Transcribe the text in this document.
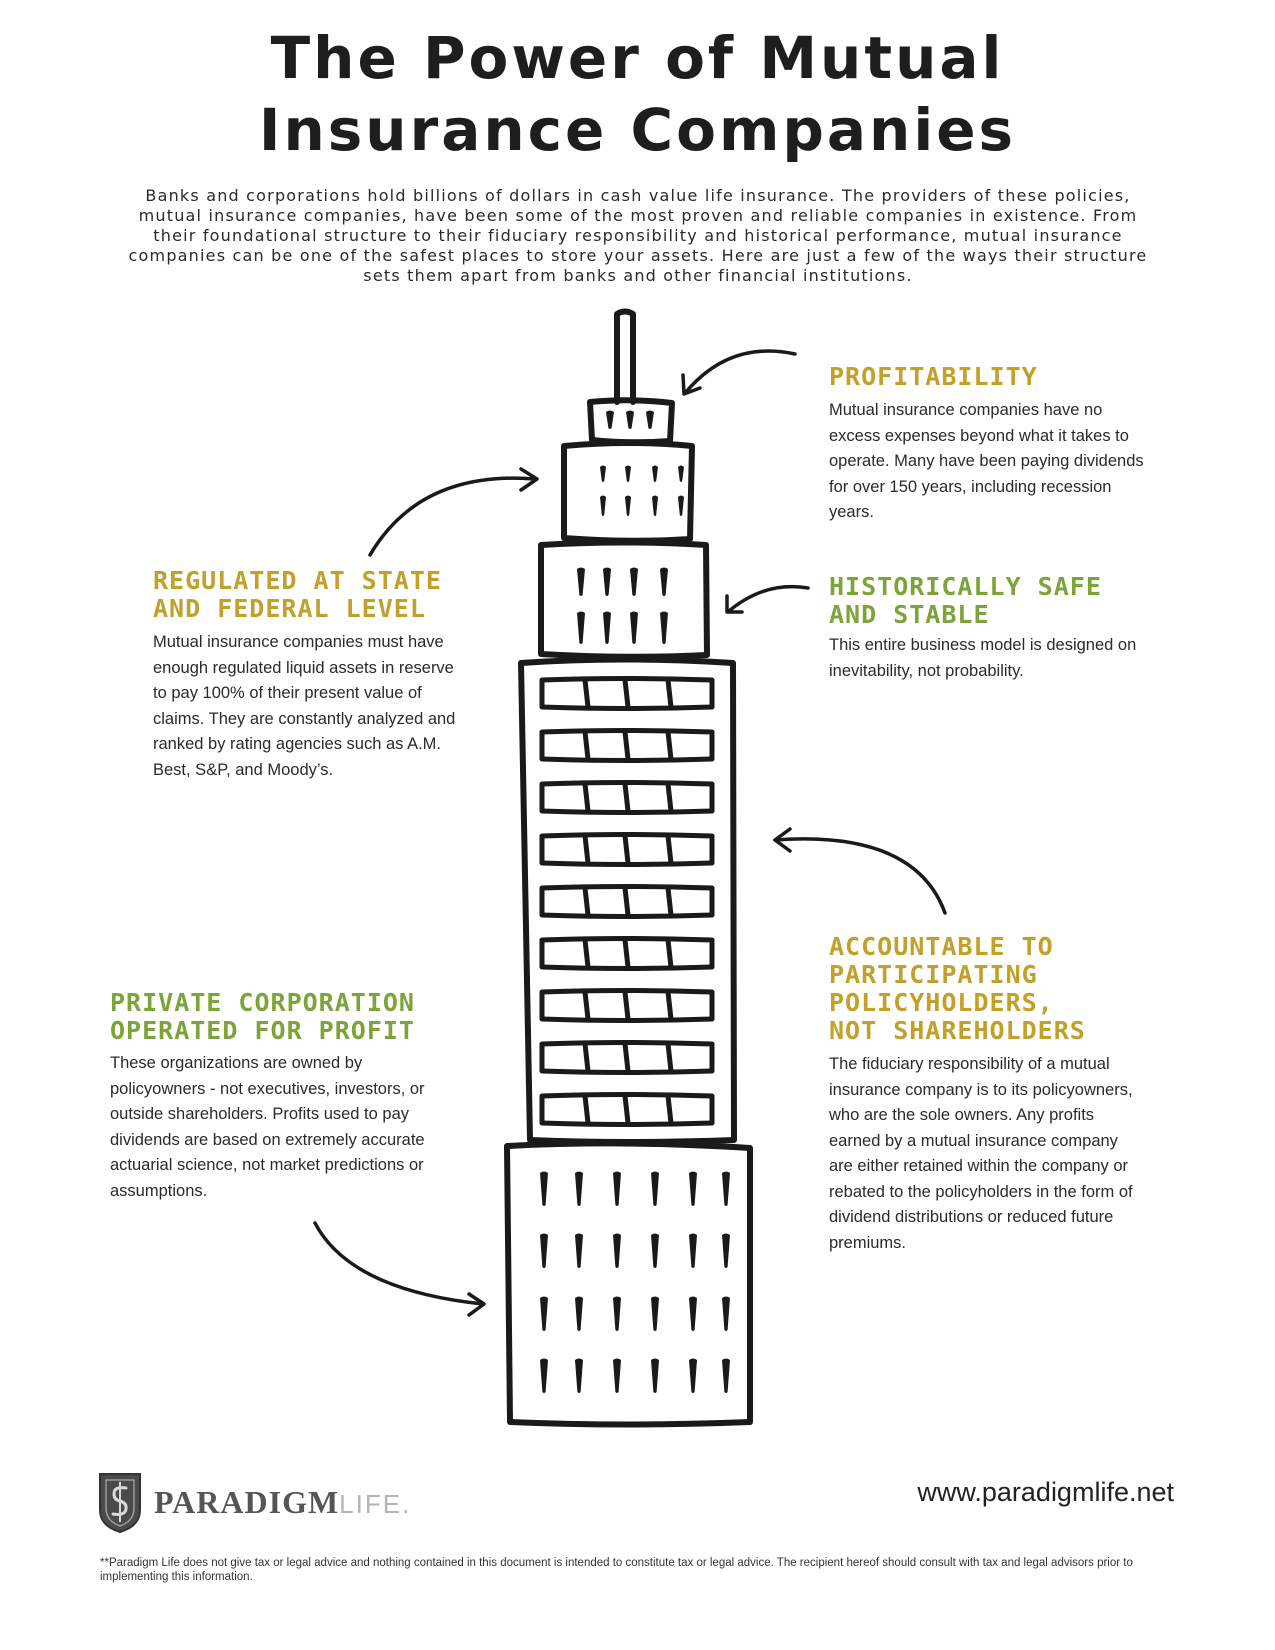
The Power of Mutual
Insurance Companies

Banks and corporations hold billions of dollars in cash value life insurance. The providers of these policies, mutual insurance companies, have been some of the most proven and reliable companies in existence. From their foundational structure to their fiduciary responsibility and historical performance, mutual insurance companies can be one of the safest places to store your assets. Here are just a few of the ways their structure sets them apart from banks and other financial institutions.

PROFITABILITY

Mutual insurance companies have no excess expenses beyond what it takes to operate. Many have been paying dividends for over 150 years, including recession years.

REGULATED AT STATE
AND FEDERAL LEVEL

Mutual insurance companies must have enough regulated liquid assets in reserve to pay 100% of their present value of claims. They are constantly analyzed and ranked by rating agencies such as A.M. Best, S&P, and Moody’s.

HISTORICALLY SAFE
AND STABLE

This entire business model is designed on inevitability, not probability.

ACCOUNTABLE TO
PARTICIPATING
POLICYHOLDERS,
NOT SHAREHOLDERS

The fiduciary responsibility of a mutual insurance company is to its policyowners, who are the sole owners. Any profits earned by a mutual insurance company are either retained within the company or rebated to the policyholders in the form of dividend distributions or reduced future premiums.

PRIVATE CORPORATION
OPERATED FOR PROFIT

These organizations are owned by policyowners - not executives, investors, or outside shareholders. Profits used to pay dividends are based on extremely accurate actuarial science, not market predictions or assumptions.

PARADIGMLIFE.	www.paradigmlife.net

**Paradigm Life does not give tax or legal advice and nothing contained in this document is intended to constitute tax or legal advice. The recipient hereof should consult with tax and legal advisors prior to implementing this information.
